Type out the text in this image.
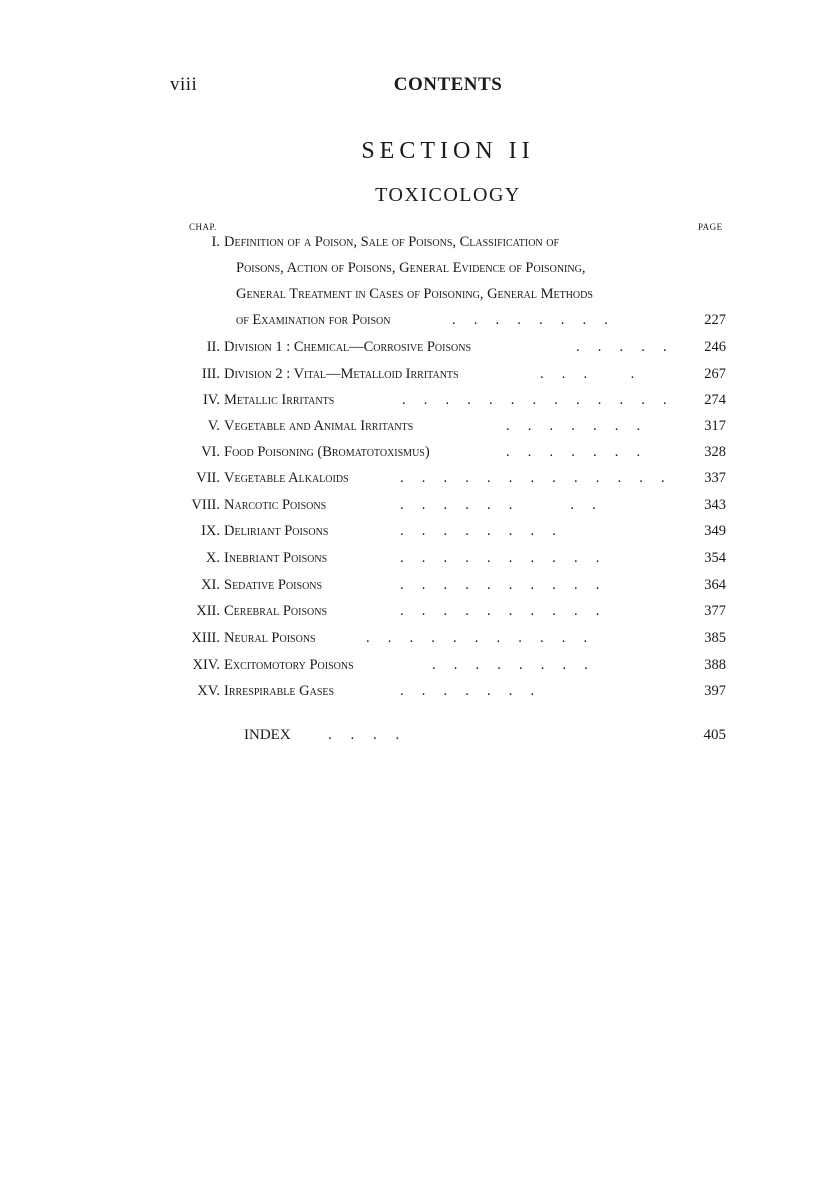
viii	CONTENTS
SECTION II
TOXICOLOGY
CHAP.	PAGE
I. Definition of a Poison, Sale of Poisons, Classification of
Poisons, Action of Poisons, General Evidence of Poisoning,
General Treatment in Cases of Poisoning, General Methods
of Examination for Poison	.     .     .     .     .     .     .     .	227
II. Division 1 : Chemical—Corrosive Poisons	.     .     .     .     .	246
III. Division 2 : Vital—Metalloid Irritants	.     .     .            .	267
IV. Metallic Irritants	.     .     .     .     .     .     .     .     .     .     .     .     .	274
V. Vegetable and Animal Irritants	.     .     .     .     .     .     .	317
VI. Food Poisoning (Bromatotoxismus)	.     .     .     .     .     .     .	328
VII. Vegetable Alkaloids	.     .     .     .     .     .     .     .     .     .     .     .     .	337
VIII. Narcotic Poisons	.     .     .     .     .     .                .     .	343
IX. Deliriant Poisons	.     .     .     .     .     .     .     .	349
X. Inebriant Poisons	.     .     .     .     .     .     .     .     .     .	354
XI. Sedative Poisons	.     .     .     .     .     .     .     .     .     .	364
XII. Cerebral Poisons	.     .     .     .     .     .     .     .     .     .	377
XIII. Neural Poisons	.     .     .     .     .     .     .     .     .     .     .	385
XIV. Excitomotory Poisons	.     .     .     .     .     .     .     .	388
XV. Irrespirable Gases	.     .     .     .     .     .     .	397
INDEX .     .     .     .	405
